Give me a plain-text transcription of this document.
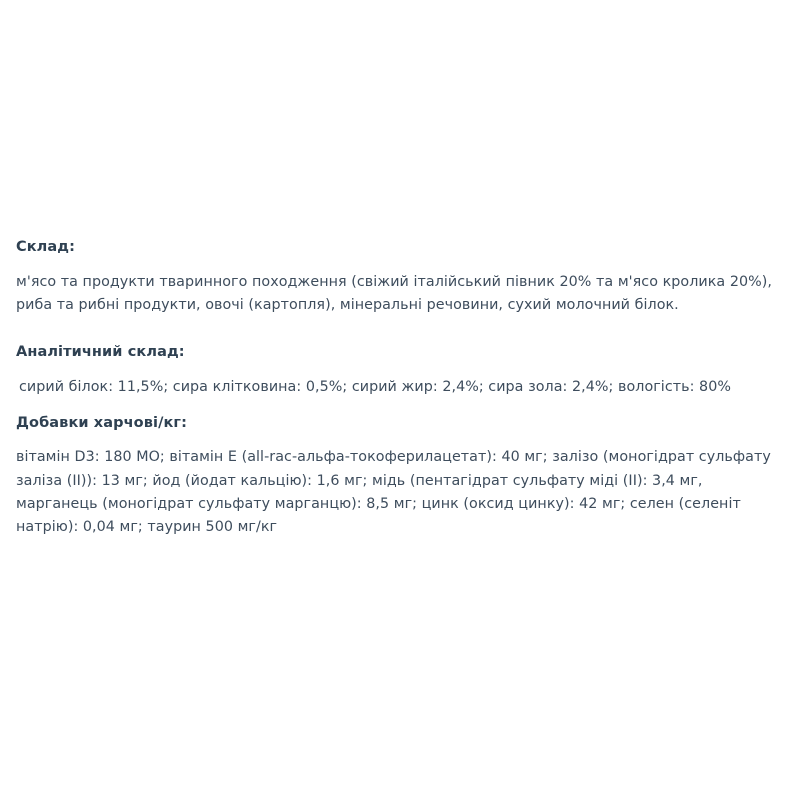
Склад:

м'ясо та продукти тваринного походження (свіжий італійський півник 20% та м'ясо кролика 20%), риба та рибні продукти, овочі (картопля), мінеральні речовини, сухий молочний білок.

Аналітичний склад:

сирий білок: 11,5%; сира клітковина: 0,5%; сирий жир: 2,4%; сира зола: 2,4%; вологість: 80%

Добавки харчові/кг:

вітамін D3: 180 МО; вітамін Е (all-rac-альфа-токоферилацетат): 40 мг; залізо (моногідрат сульфату заліза (II)): 13 мг; йод (йодат кальцію): 1,6 мг; мідь (пентагідрат сульфату міді (II): 3,4 мг, марганець (моногідрат сульфату марганцю): 8,5 мг; цинк (оксид цинку): 42 мг; селен (селеніт натрію): 0,04 мг; таурин 500 мг/кг
